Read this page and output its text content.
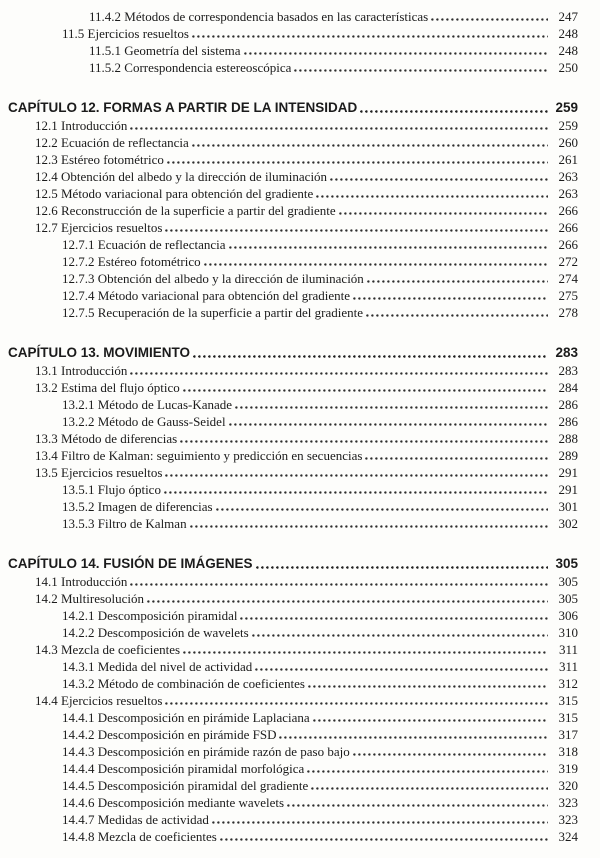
11.4.2 Métodos de correspondencia basados en las características	247
11.5 Ejercicios resueltos	248
11.5.1 Geometría del sistema	248
11.5.2 Correspondencia estereoscópica	250
CAPÍTULO 12. FORMAS A PARTIR DE LA INTENSIDAD	259
12.1 Introducción	259
12.2 Ecuación de reflectancia	260
12.3 Estéreo fotométrico	261
12.4 Obtención del albedo y la dirección de iluminación	263
12.5 Método variacional para obtención del gradiente	263
12.6 Reconstrucción de la superficie a partir del gradiente	266
12.7 Ejercicios resueltos	266
12.7.1 Ecuación de reflectancia	266
12.7.2 Estéreo fotométrico	272
12.7.3 Obtención del albedo y la dirección de iluminación	274
12.7.4 Método variacional para obtención del gradiente	275
12.7.5 Recuperación de la superficie a partir del gradiente	278
CAPÍTULO 13. MOVIMIENTO	283
13.1 Introducción	283
13.2 Estima del flujo óptico	284
13.2.1 Método de Lucas-Kanade	286
13.2.2 Método de Gauss-Seidel	286
13.3 Método de diferencias	288
13.4 Filtro de Kalman: seguimiento y predicción en secuencias	289
13.5 Ejercicios resueltos	291
13.5.1 Flujo óptico	291
13.5.2 Imagen de diferencias	301
13.5.3 Filtro de Kalman	302
CAPÍTULO 14. FUSIÓN DE IMÁGENES	305
14.1 Introducción	305
14.2 Multiresolución	305
14.2.1 Descomposición piramidal	306
14.2.2 Descomposición de wavelets	310
14.3 Mezcla de coeficientes	311
14.3.1 Medida del nivel de actividad	311
14.3.2 Método de combinación de coeficientes	312
14.4 Ejercicios resueltos	315
14.4.1 Descomposición en pirámide Laplaciana	315
14.4.2 Descomposición en pirámide FSD	317
14.4.3 Descomposición en pirámide razón de paso bajo	318
14.4.4 Descomposición piramidal morfológica	319
14.4.5 Descomposición piramidal del gradiente	320
14.4.6 Descomposición mediante wavelets	323
14.4.7 Medidas de actividad	323
14.4.8 Mezcla de coeficientes	324
